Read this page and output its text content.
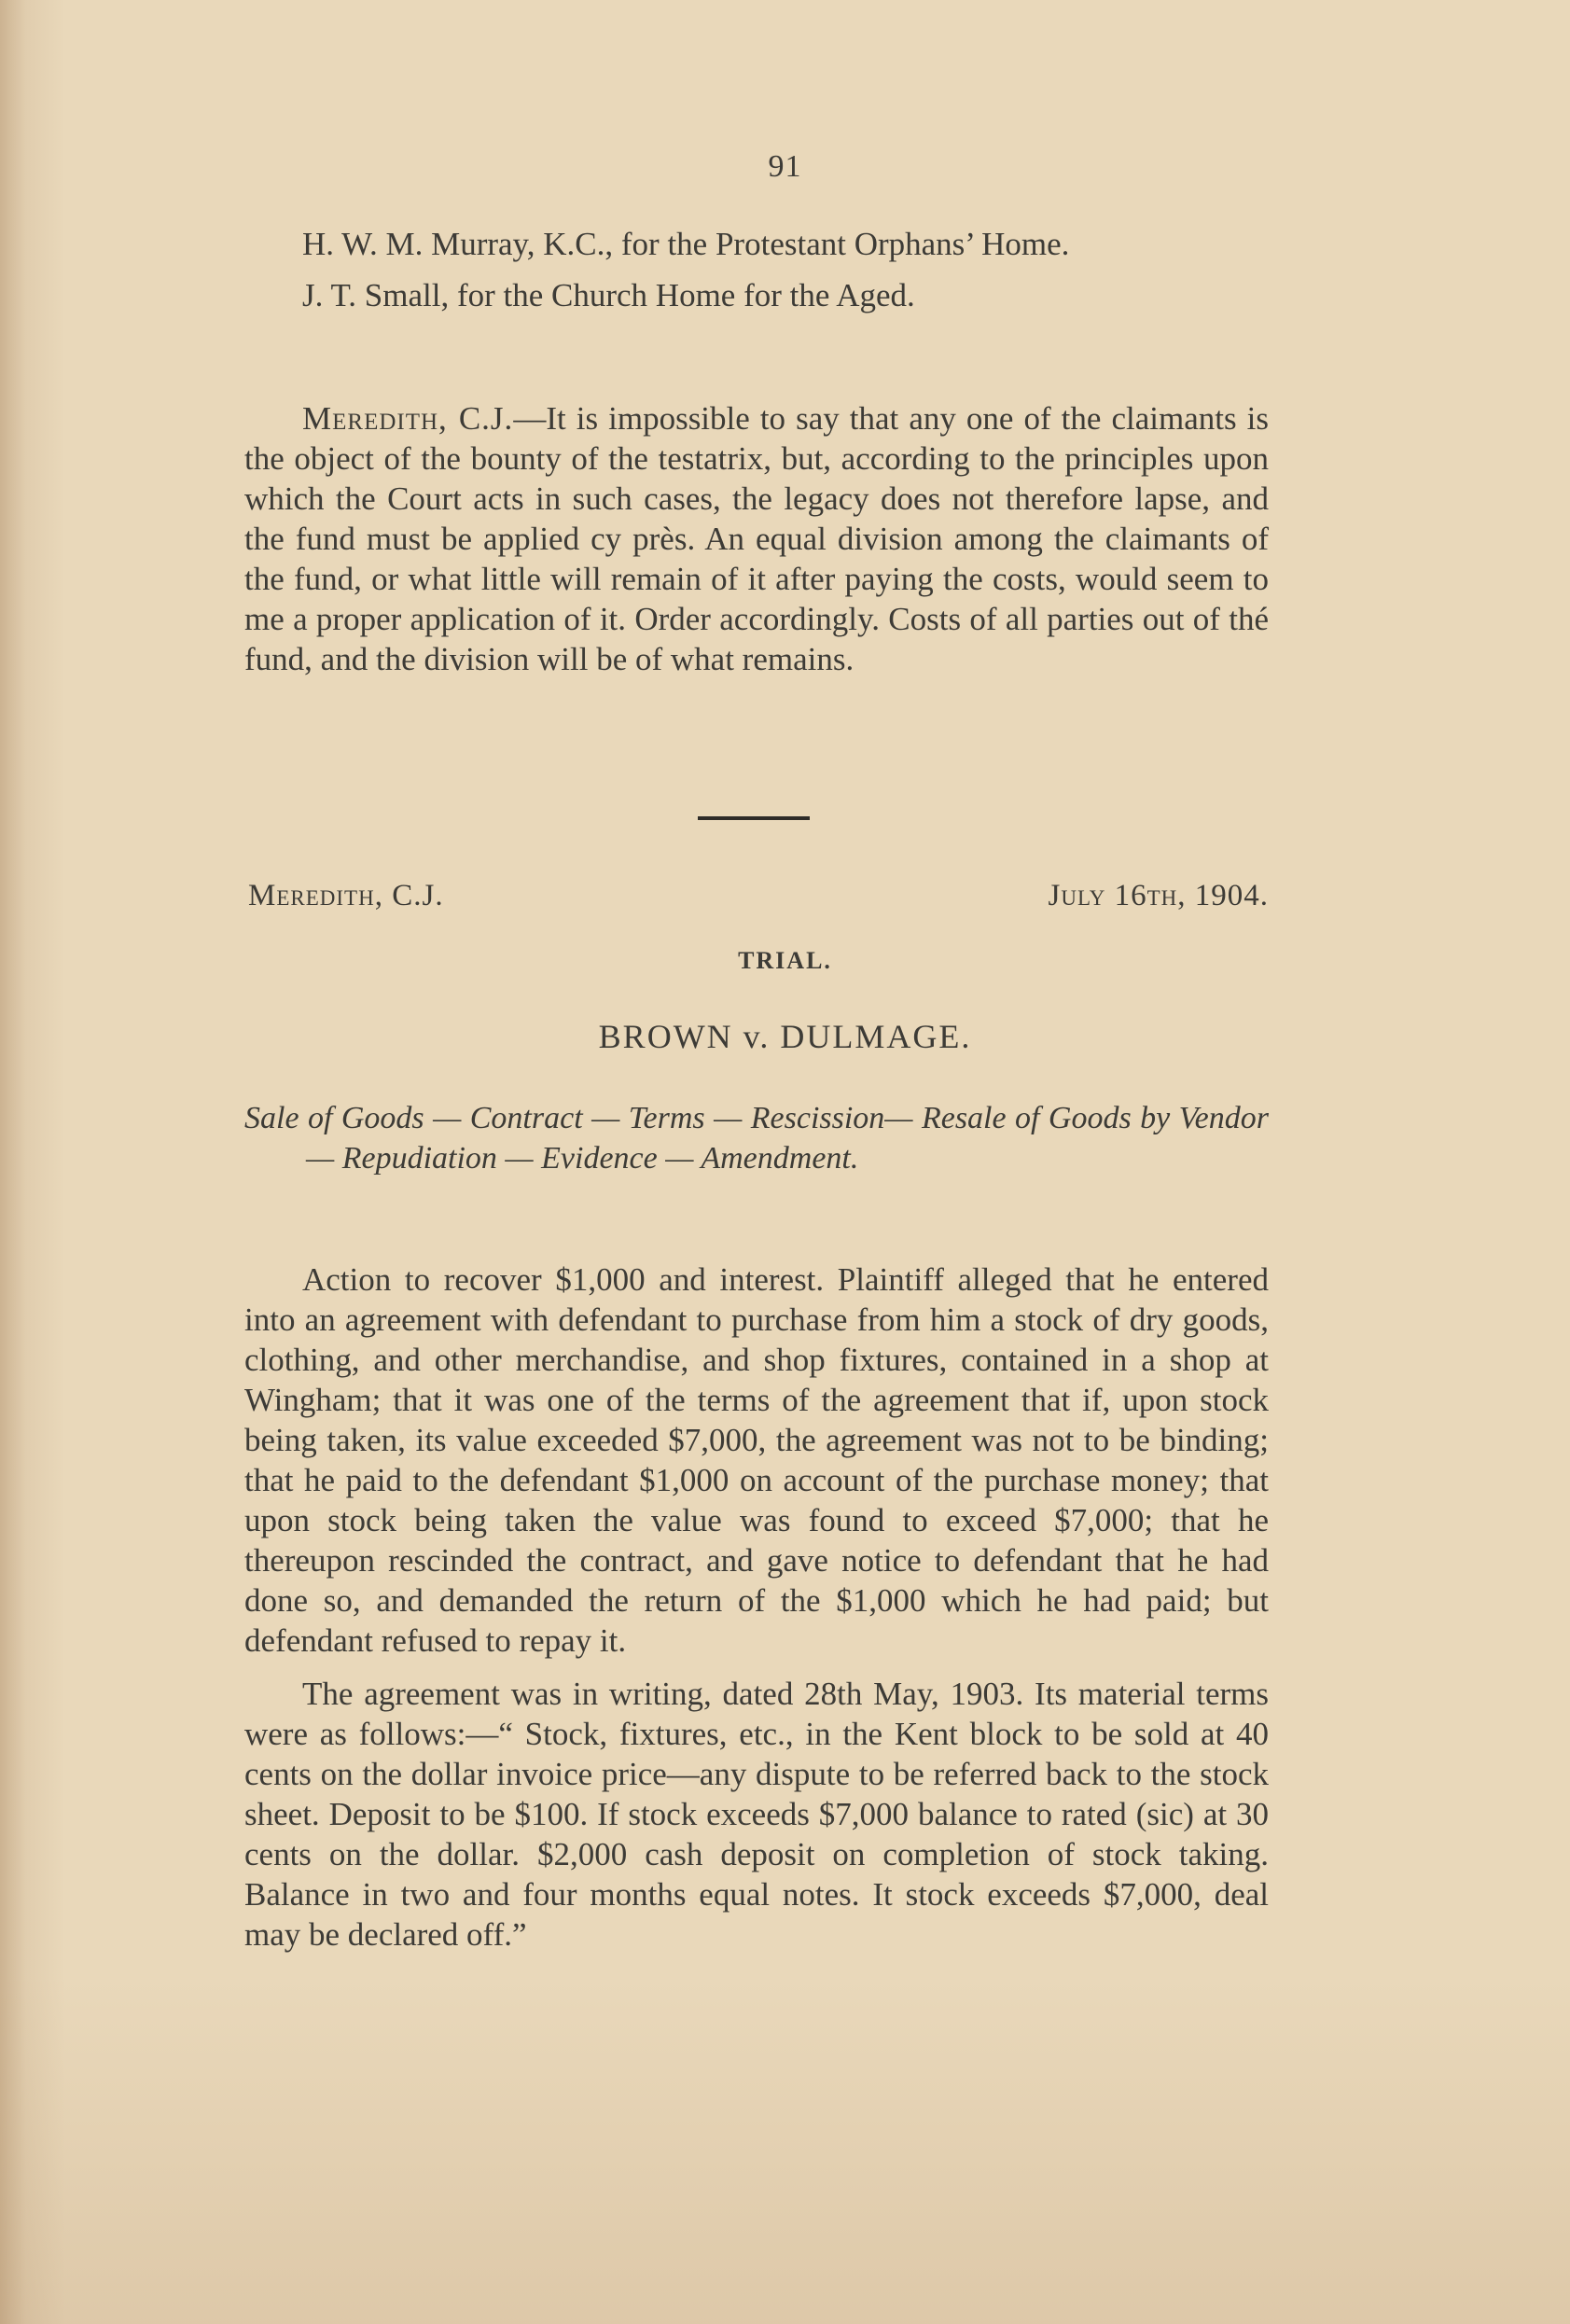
91

H. W. M. Murray, K.C., for the Protestant Orphans’ Home.

J. T. Small, for the Church Home for the Aged.

Meredith, C.J.—It is impossible to say that any one of the claimants is the object of the bounty of the testatrix, but, according to the principles upon which the Court acts in such cases, the legacy does not therefore lapse, and the fund must be applied cy près. An equal division among the claimants of the fund, or what little will remain of it after paying the costs, would seem to me a proper application of it. Order accordingly. Costs of all parties out of thé fund, and the division will be of what remains.

Meredith, C.J.	July 16th, 1904.
TRIAL.
BROWN v. DULMAGE.
Sale of Goods — Contract — Terms — Rescission— Resale of Goods by Vendor — Repudiation — Evidence — Amendment.

Action to recover $1,000 and interest. Plaintiff alleged that he entered into an agreement with defendant to purchase from him a stock of dry goods, clothing, and other merchandise, and shop fixtures, contained in a shop at Wingham; that it was one of the terms of the agreement that if, upon stock being taken, its value exceeded $7,000, the agreement was not to be binding; that he paid to the defendant $1,000 on account of the purchase money; that upon stock being taken the value was found to exceed $7,000; that he thereupon rescinded the contract, and gave notice to defendant that he had done so, and demanded the return of the $1,000 which he had paid; but defendant refused to repay it.

The agreement was in writing, dated 28th May, 1903. Its material terms were as follows:—“ Stock, fixtures, etc., in the Kent block to be sold at 40 cents on the dollar invoice price—any dispute to be referred back to the stock sheet. Deposit to be $100. If stock exceeds $7,000 balance to rated (sic) at 30 cents on the dollar. $2,000 cash deposit on completion of stock taking. Balance in two and four months equal notes. It stock exceeds $7,000, deal may be declared off.”
